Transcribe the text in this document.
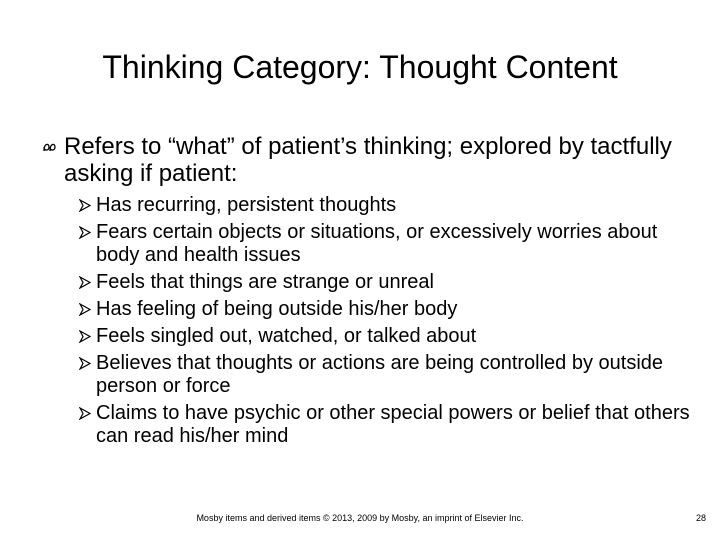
Thinking Category: Thought Content
Refers to “what” of patient’s thinking; explored by tactfully asking if patient:
Has recurring, persistent thoughts
Fears certain objects or situations, or excessively worries about body and health issues
Feels that things are strange or unreal
Has feeling of being outside his/her body
Feels singled out, watched, or talked about
Believes that thoughts or actions are being controlled by outside person or force
Claims to have psychic or other special powers or belief that others can read his/her mind
Mosby items and derived items © 2013, 2009 by Mosby, an imprint of Elsevier Inc.	28
